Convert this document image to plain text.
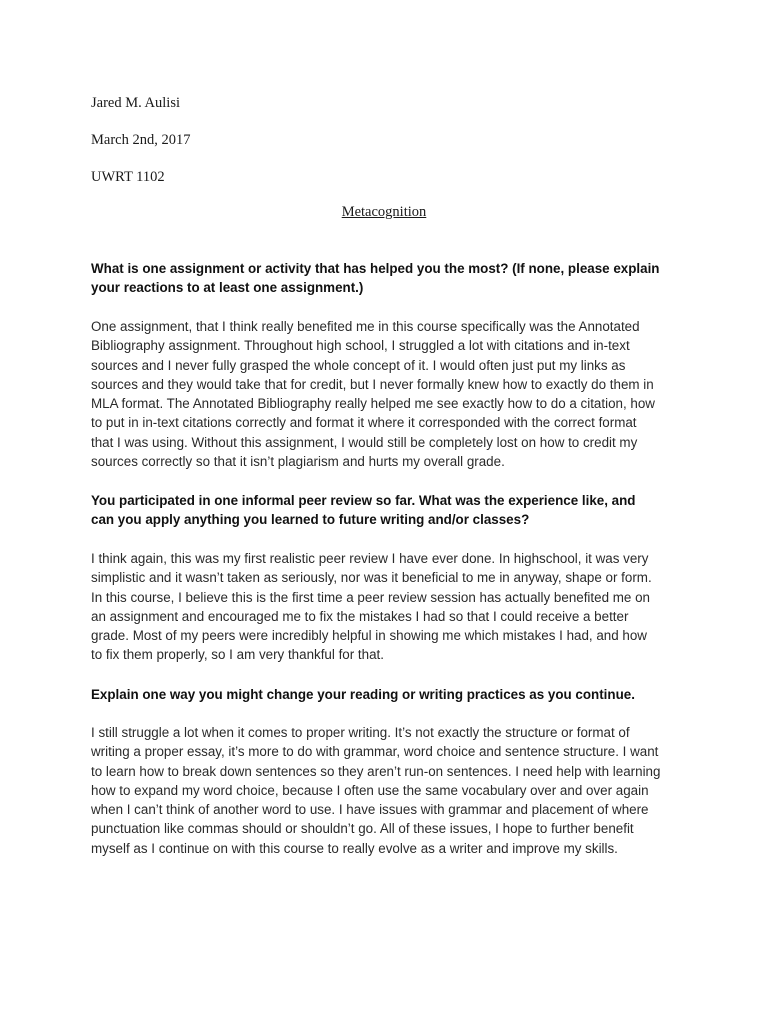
Jared M. Aulisi
March 2nd, 2017
UWRT 1102
Metacognition
What is one assignment or activity that has helped you the most? (If none, please explain
your reactions to at least one assignment.)
One assignment, that I think really benefited me in this course specifically was the Annotated
Bibliography assignment. Throughout high school, I struggled a lot with citations and in-text
sources and I never fully grasped the whole concept of it. I would often just put my links as
sources and they would take that for credit, but I never formally knew how to exactly do them in
MLA format. The Annotated Bibliography really helped me see exactly how to do a citation, how
to put in in-text citations correctly and format it where it corresponded with the correct format
that I was using. Without this assignment, I would still be completely lost on how to credit my
sources correctly so that it isn’t plagiarism and hurts my overall grade.
You participated in one informal peer review so far. What was the experience like, and
can you apply anything you learned to future writing and/or classes?
I think again, this was my first realistic peer review I have ever done. In highschool, it was very
simplistic and it wasn’t taken as seriously, nor was it beneficial to me in anyway, shape or form.
In this course, I believe this is the first time a peer review session has actually benefited me on
an assignment and encouraged me to fix the mistakes I had so that I could receive a better
grade. Most of my peers were incredibly helpful in showing me which mistakes I had, and how
to fix them properly, so I am very thankful for that.
Explain one way you might change your reading or writing practices as you continue.
I still struggle a lot when it comes to proper writing. It’s not exactly the structure or format of
writing a proper essay, it’s more to do with grammar, word choice and sentence structure. I want
to learn how to break down sentences so they aren’t run-on sentences. I need help with learning
how to expand my word choice, because I often use the same vocabulary over and over again
when I can’t think of another word to use. I have issues with grammar and placement of where
punctuation like commas should or shouldn’t go. All of these issues, I hope to further benefit
myself as I continue on with this course to really evolve as a writer and improve my skills.
